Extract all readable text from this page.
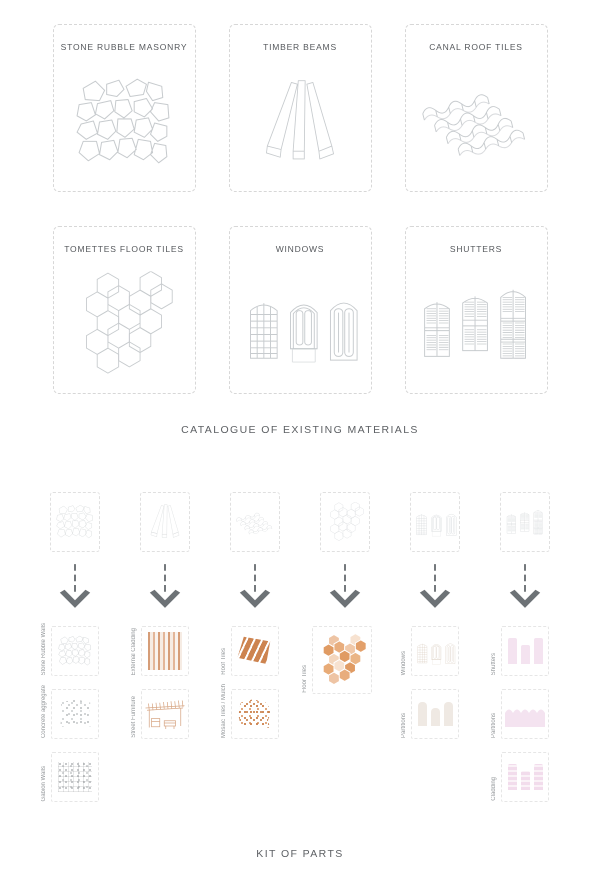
STONE RUBBLE MASONRY	TIMBER BEAMS	CANAL ROOF TILES
TOMETTES FLOOR TILES	WINDOWS	SHUTTERS
CATALOGUE OF EXISTING MATERIALS
Stone Rubble Walls
Concrete aggregate
Gabion Walls
External Cladding
Street Furniture
Roof Tiles
Mosaic Tiles / Mulch
Floor Tiles
Windows
Partitions
Shutters
Partitions
Cladding
KIT OF PARTS
